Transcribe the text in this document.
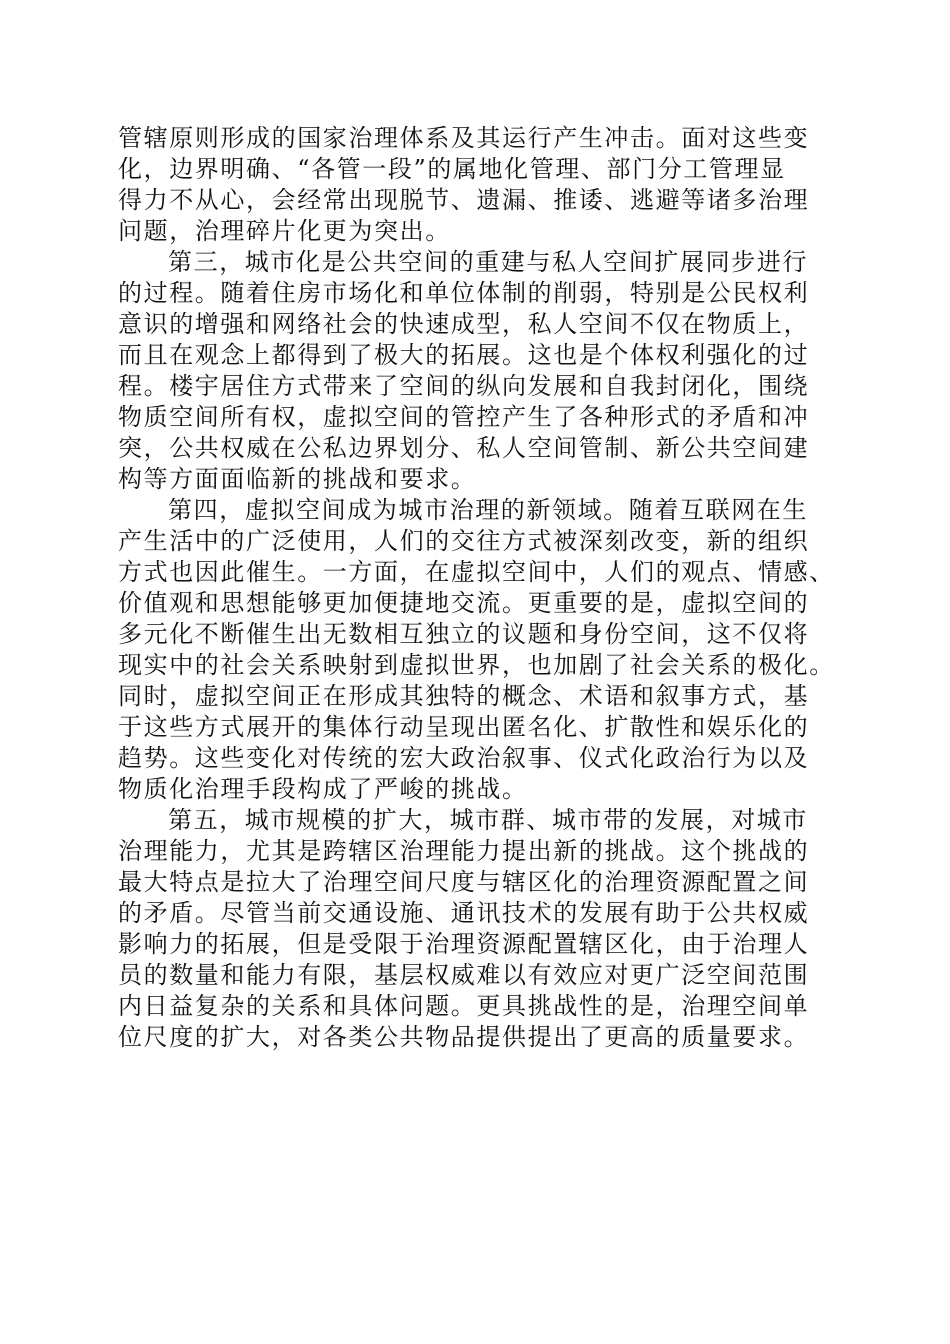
管辖原则形成的国家治理体系及其运行产生冲击。面对这些变
化，边界明确、“各管一段”的属地化管理、部门分工管理显
得力不从心，会经常出现脱节、遗漏、推诿、逃避等诸多治理
问题，治理碎片化更为突出。
第三，城市化是公共空间的重建与私人空间扩展同步进行
的过程。随着住房市场化和单位体制的削弱，特别是公民权利
意识的增强和网络社会的快速成型，私人空间不仅在物质上，
而且在观念上都得到了极大的拓展。这也是个体权利强化的过
程。楼宇居住方式带来了空间的纵向发展和自我封闭化，围绕
物质空间所有权，虚拟空间的管控产生了各种形式的矛盾和冲
突，公共权威在公私边界划分、私人空间管制、新公共空间建
构等方面面临新的挑战和要求。
第四，虚拟空间成为城市治理的新领域。随着互联网在生
产生活中的广泛使用，人们的交往方式被深刻改变，新的组织
方式也因此催生。一方面，在虚拟空间中，人们的观点、情感、
价值观和思想能够更加便捷地交流。更重要的是，虚拟空间的
多元化不断催生出无数相互独立的议题和身份空间，这不仅将
现实中的社会关系映射到虚拟世界，也加剧了社会关系的极化。
同时，虚拟空间正在形成其独特的概念、术语和叙事方式，基
于这些方式展开的集体行动呈现出匿名化、扩散性和娱乐化的
趋势。这些变化对传统的宏大政治叙事、仪式化政治行为以及
物质化治理手段构成了严峻的挑战。
第五，城市规模的扩大，城市群、城市带的发展，对城市
治理能力，尤其是跨辖区治理能力提出新的挑战。这个挑战的
最大特点是拉大了治理空间尺度与辖区化的治理资源配置之间
的矛盾。尽管当前交通设施、通讯技术的发展有助于公共权威
影响力的拓展，但是受限于治理资源配置辖区化，由于治理人
员的数量和能力有限，基层权威难以有效应对更广泛空间范围
内日益复杂的关系和具体问题。更具挑战性的是，治理空间单
位尺度的扩大，对各类公共物品提供提出了更高的质量要求。
